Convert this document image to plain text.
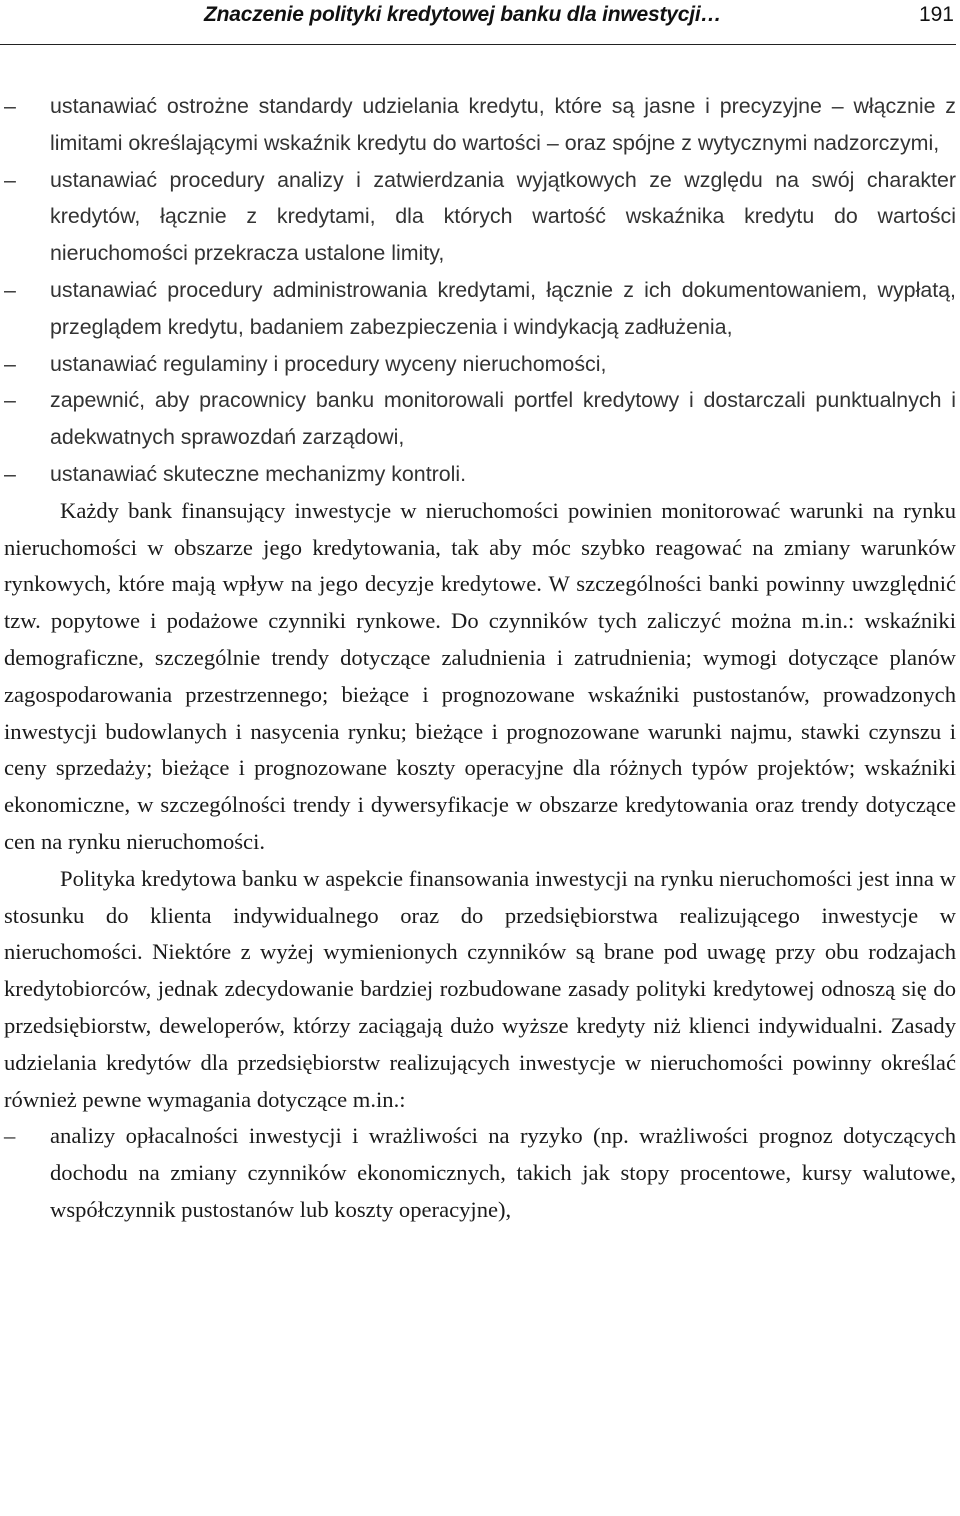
Znaczenie polityki kredytowej banku dla inwestycji…	191
– ustanawiać ostrożne standardy udzielania kredytu, które są jasne i precyzyjne – włącznie z limitami określającymi wskaźnik kredytu do wartości – oraz spójne z wytycznymi nadzorczymi,
– ustanawiać procedury analizy i zatwierdzania wyjątkowych ze względu na swój charakter kredytów, łącznie z kredytami, dla których wartość wskaźnika kredytu do wartości nieruchomości przekracza ustalone limity,
– ustanawiać procedury administrowania kredytami, łącznie z ich dokumentowaniem, wypłatą, przeglądem kredytu, badaniem zabezpieczenia i windykacją zadłużenia,
– ustanawiać regulaminy i procedury wyceny nieruchomości,
– zapewnić, aby pracownicy banku monitorowali portfel kredytowy i dostarczali punktualnych i adekwatnych sprawozdań zarządowi,
– ustanawiać skuteczne mechanizmy kontroli.

Każdy bank finansujący inwestycje w nieruchomości powinien monitorować warunki na rynku nieruchomości w obszarze jego kredytowania, tak aby móc szybko reagować na zmiany warunków rynkowych, które mają wpływ na jego decyzje kredytowe. W szczególności banki powinny uwzględnić tzw. popytowe i podażowe czynniki rynkowe. Do czynników tych zaliczyć można m.in.: wskaźniki demograficzne, szczególnie trendy dotyczące zaludnienia i zatrudnienia; wymogi dotyczące planów zagospodarowania przestrzennego; bieżące i prognozowane wskaźniki pustostanów, prowadzonych inwestycji budowlanych i nasycenia rynku; bieżące i prognozowane warunki najmu, stawki czynszu i ceny sprzedaży; bieżące i prognozowane koszty operacyjne dla różnych typów projektów; wskaźniki ekonomiczne, w szczególności trendy i dywersyfikacje w obszarze kredytowania oraz trendy dotyczące cen na rynku nieruchomości.

Polityka kredytowa banku w aspekcie finansowania inwestycji na rynku nieruchomości jest inna w stosunku do klienta indywidualnego oraz do przedsiębiorstwa realizującego inwestycje w nieruchomości. Niektóre z wyżej wymienionych czynników są brane pod uwagę przy obu rodzajach kredytobiorców, jednak zdecydowanie bardziej rozbudowane zasady polityki kredytowej odnoszą się do przedsiębiorstw, deweloperów, którzy zaciągają dużo wyższe kredyty niż klienci indywidualni. Zasady udzielania kredytów dla przedsiębiorstw realizujących inwestycje w nieruchomości powinny określać również pewne wymagania dotyczące m.in.:

– analizy opłacalności inwestycji i wrażliwości na ryzyko (np. wrażliwości prognoz dotyczących dochodu na zmiany czynników ekonomicznych, takich jak stopy procentowe, kursy walutowe, współczynnik pustostanów lub koszty operacyjne),
